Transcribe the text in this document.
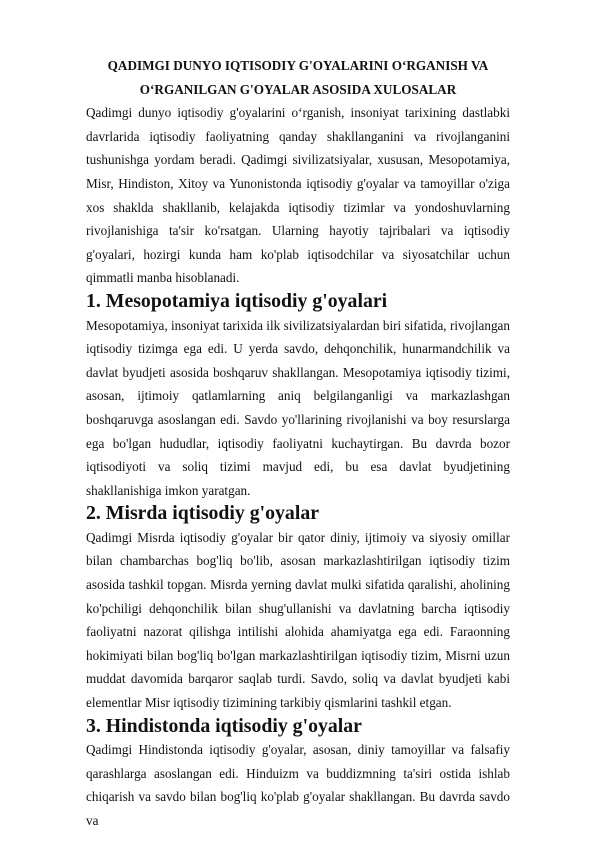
QADIMGI DUNYO IQTISODIY G'OYALARINI O‘RGANISH VA
O‘RGANILGAN G'OYALAR ASOSIDA XULOSALAR

Qadimgi dunyo iqtisodiy g'oyalarini o‘rganish, insoniyat tarixining dastlabki davrlarida iqtisodiy faoliyatning qanday shakllanganini va rivojlanganini tushunishga yordam beradi. Qadimgi sivilizatsiyalar, xususan, Mesopotamiya, Misr, Hindiston, Xitoy va Yunonistonda iqtisodiy g'oyalar va tamoyillar o'ziga xos shaklda shakllanib, kelajakda iqtisodiy tizimlar va yondoshuvlarning rivojlanishiga ta'sir ko'rsatgan. Ularning hayotiy tajribalari va iqtisodiy g'oyalari, hozirgi kunda ham ko'plab iqtisodchilar va siyosatchilar uchun qimmatli manba hisoblanadi.

1. Mesopotamiya iqtisodiy g'oyalari

Mesopotamiya, insoniyat tarixida ilk sivilizatsiyalardan biri sifatida, rivojlangan iqtisodiy tizimga ega edi. U yerda savdo, dehqonchilik, hunarmandchilik va davlat byudjeti asosida boshqaruv shakllangan. Mesopotamiya iqtisodiy tizimi, asosan, ijtimoiy qatlamlarning aniq belgilanganligi va markazlashgan boshqaruvga asoslangan edi. Savdo yo'llarining rivojlanishi va boy resurslarga ega bo'lgan hududlar, iqtisodiy faoliyatni kuchaytirgan. Bu davrda bozor iqtisodiyoti va soliq tizimi mavjud edi, bu esa davlat byudjetining shakllanishiga imkon yaratgan.

2. Misrda iqtisodiy g'oyalar

Qadimgi Misrda iqtisodiy g'oyalar bir qator diniy, ijtimoiy va siyosiy omillar bilan chambarchas bog'liq bo'lib, asosan markazlashtirilgan iqtisodiy tizim asosida tashkil topgan. Misrda yerning davlat mulki sifatida qaralishi, aholining ko'pchiligi dehqonchilik bilan shug'ullanishi va davlatning barcha iqtisodiy faoliyatni nazorat qilishga intilishi alohida ahamiyatga ega edi. Faraonning hokimiyati bilan bog'liq bo'lgan markazlashtirilgan iqtisodiy tizim, Misrni uzun muddat davomida barqaror saqlab turdi. Savdo, soliq va davlat byudjeti kabi elementlar Misr iqtisodiy tizimining tarkibiy qismlarini tashkil etgan.

3. Hindistonda iqtisodiy g'oyalar

Qadimgi Hindistonda iqtisodiy g'oyalar, asosan, diniy tamoyillar va falsafiy qarashlarga asoslangan edi. Hinduizm va buddizmning ta'siri ostida ishlab chiqarish va savdo bilan bog'liq ko'plab g'oyalar shakllangan. Bu davrda savdo va
